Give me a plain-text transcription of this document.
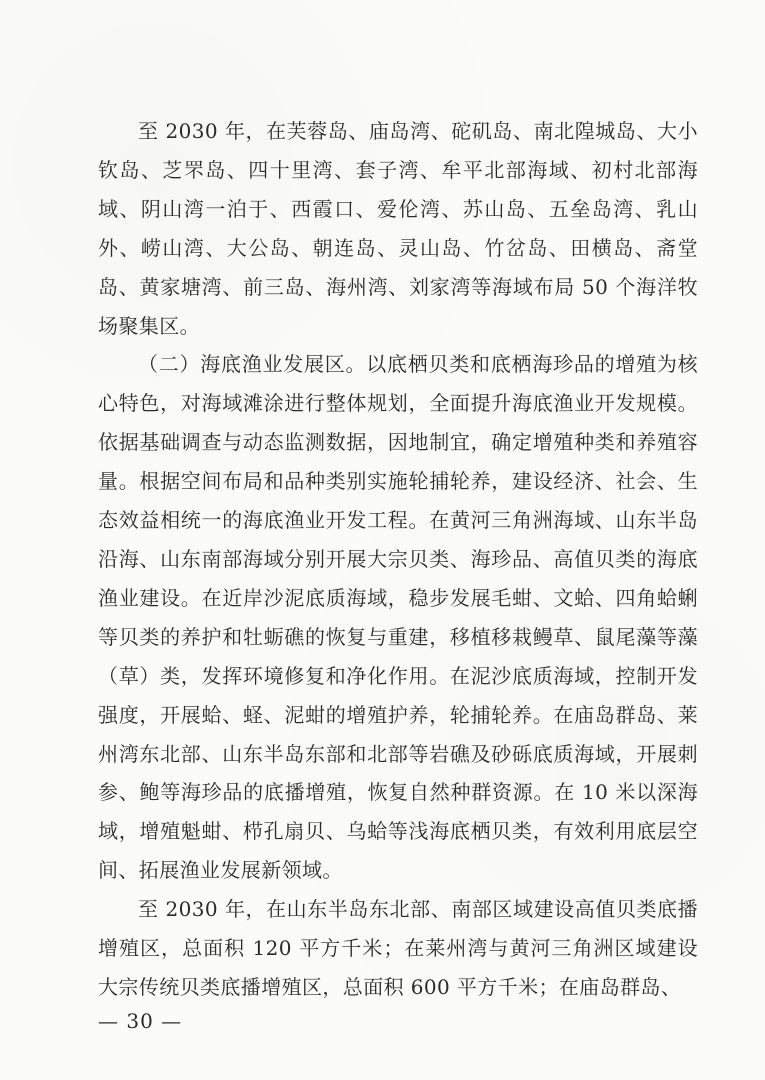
至 2030 年，在芙蓉岛、庙岛湾、砣矶岛、南北隍城岛、大小钦岛、芝罘岛、四十里湾、套子湾、牟平北部海域、初村北部海域、阴山湾一泊于、西霞口、爱伦湾、苏山岛、五垒岛湾、乳山外、崂山湾、大公岛、朝连岛、灵山岛、竹岔岛、田横岛、斋堂岛、黄家塘湾、前三岛、海州湾、刘家湾等海域布局 50 个海洋牧场聚集区。

（二）海底渔业发展区。以底栖贝类和底栖海珍品的增殖为核心特色，对海域滩涂进行整体规划，全面提升海底渔业开发规模。依据基础调查与动态监测数据，因地制宜，确定增殖种类和养殖容量。根据空间布局和品种类别实施轮捕轮养，建设经济、社会、生态效益相统一的海底渔业开发工程。在黄河三角洲海域、山东半岛沿海、山东南部海域分别开展大宗贝类、海珍品、高值贝类的海底渔业建设。在近岸沙泥底质海域，稳步发展毛蚶、文蛤、四角蛤蜊等贝类的养护和牡蛎礁的恢复与重建，移植移栽鳗草、鼠尾藻等藻（草）类，发挥环境修复和净化作用。在泥沙底质海域，控制开发强度，开展蛤、蛏、泥蚶的增殖护养，轮捕轮养。在庙岛群岛、莱州湾东北部、山东半岛东部和北部等岩礁及砂砾底质海域，开展刺参、鲍等海珍品的底播增殖，恢复自然种群资源。在 10 米以深海域，增殖魁蚶、栉孔扇贝、乌蛤等浅海底栖贝类，有效利用底层空间、拓展渔业发展新领域。

至 2030 年，在山东半岛东北部、南部区域建设高值贝类底播增殖区，总面积 120 平方千米；在莱州湾与黄河三角洲区域建设大宗传统贝类底播增殖区，总面积 600 平方千米；在庙岛群岛、

— 30 —
